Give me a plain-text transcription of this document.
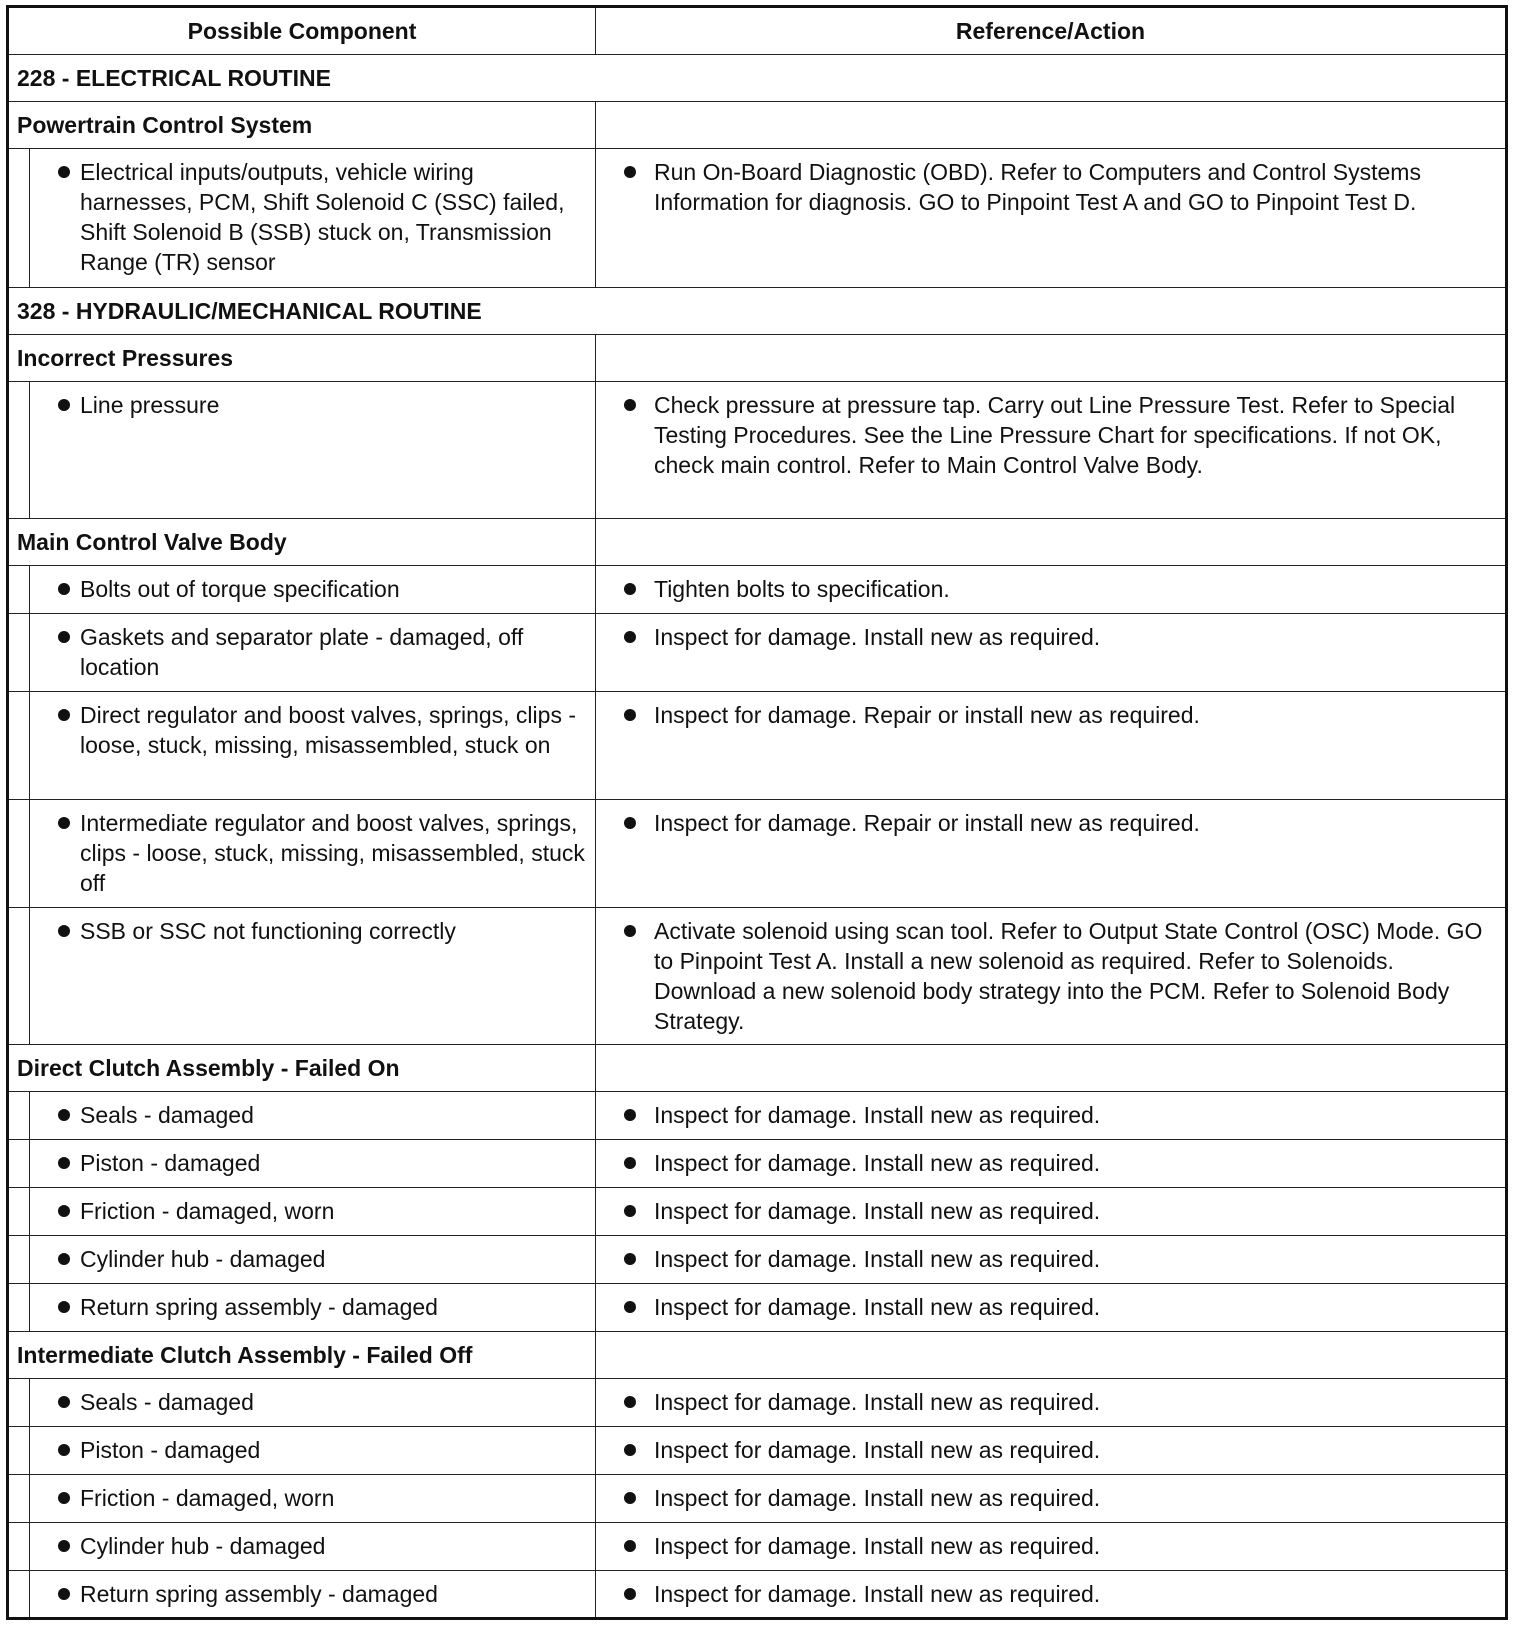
Possible Component		Reference/Action
228 - ELECTRICAL ROUTINE		
Powertrain Control System		

	Electrical inputs/outputs, vehicle wiring harnesses, PCM, Shift Solenoid C (SSC) failed, Shift Solenoid B (SSB) stuck on, Transmission Range (TR) sensor	Run On-Board Diagnostic (OBD). Refer to Computers and Control Systems Information for diagnosis. GO to Pinpoint Test A and GO to Pinpoint Test D.
328 - HYDRAULIC/MECHANICAL ROUTINE		
Incorrect Pressures		

	Line pressure	Check pressure at pressure tap. Carry out Line Pressure Test. Refer to Special Testing Procedures. See the Line Pressure Chart for specifications. If not OK, check main control. Refer to Main Control Valve Body.
Main Control Valve Body		

	Bolts out of torque specification	Tighten bolts to specification.

	Gaskets and separator plate - damaged, off location	Inspect for damage. Install new as required.

	Direct regulator and boost valves, springs, clips - loose, stuck, missing, misassembled, stuck on	Inspect for damage. Repair or install new as required.

	Intermediate regulator and boost valves, springs, clips - loose, stuck, missing, misassembled, stuck off	Inspect for damage. Repair or install new as required.

	SSB or SSC not functioning correctly	Activate solenoid using scan tool. Refer to Output State Control (OSC) Mode. GO to Pinpoint Test A. Install a new solenoid as required. Refer to Solenoids. Download a new solenoid body strategy into the PCM. Refer to Solenoid Body Strategy.
Direct Clutch Assembly - Failed On		

	Seals - damaged	Inspect for damage. Install new as required.

	Piston - damaged	Inspect for damage. Install new as required.

	Friction - damaged, worn	Inspect for damage. Install new as required.

	Cylinder hub - damaged	Inspect for damage. Install new as required.

	Return spring assembly - damaged	Inspect for damage. Install new as required.
Intermediate Clutch Assembly - Failed Off		

	Seals - damaged	Inspect for damage. Install new as required.

	Piston - damaged	Inspect for damage. Install new as required.

	Friction - damaged, worn	Inspect for damage. Install new as required.

	Cylinder hub - damaged	Inspect for damage. Install new as required.

	Return spring assembly - damaged	Inspect for damage. Install new as required.
